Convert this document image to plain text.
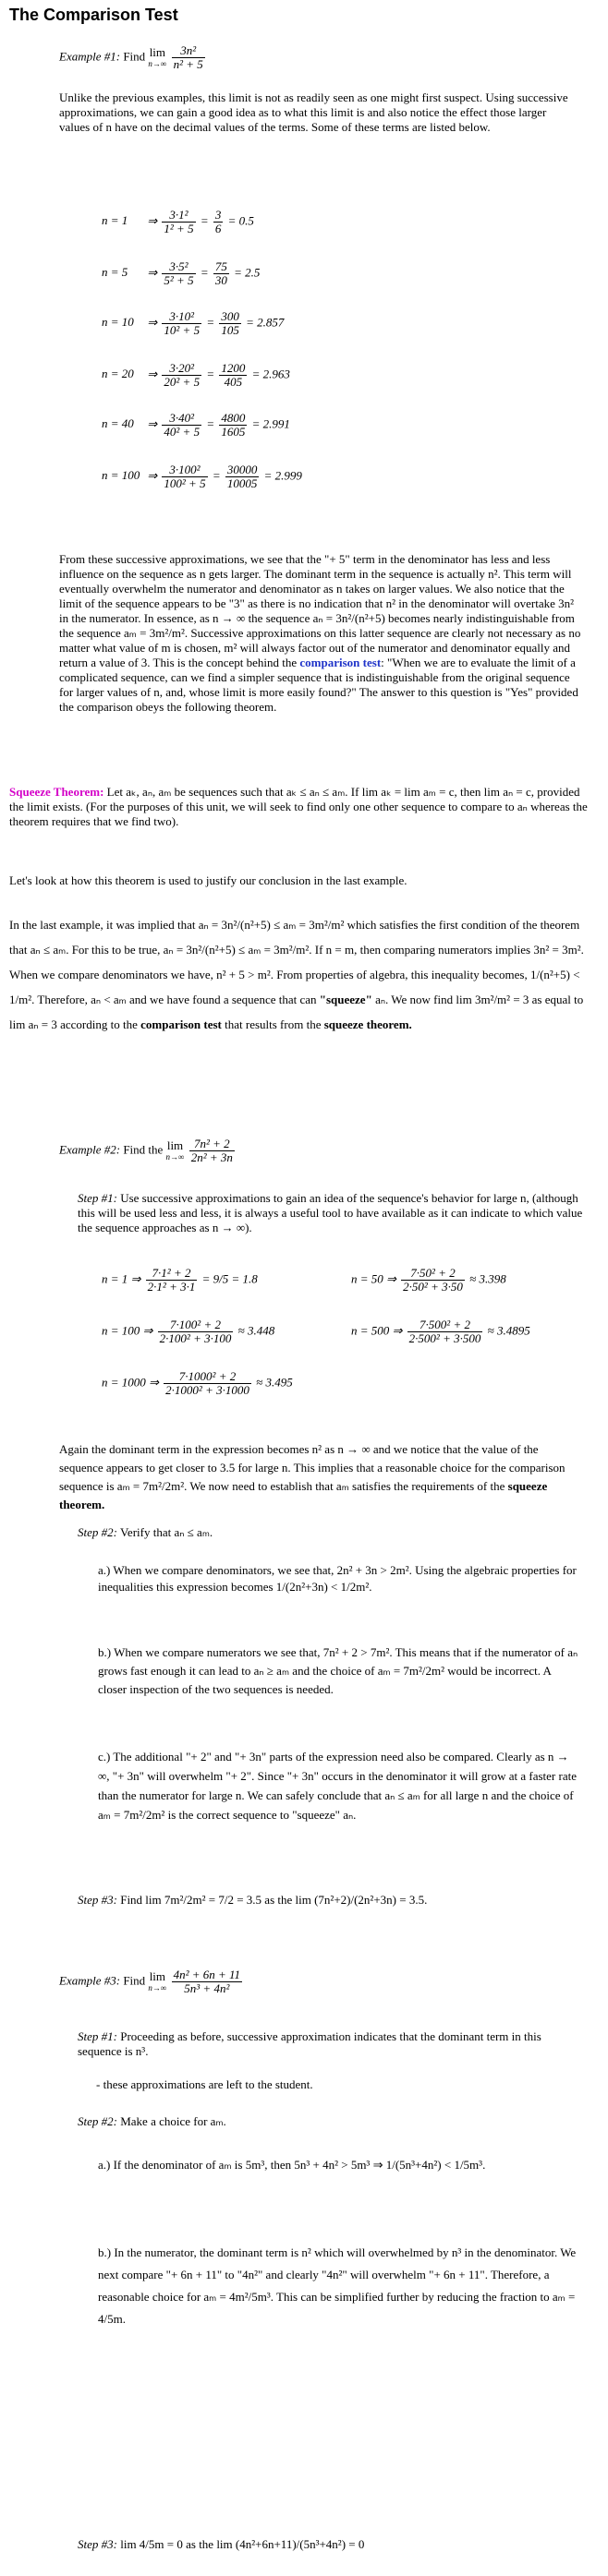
The Comparison Test
Example #1: Find lim
n→∞
$\frac{\text{3n²}}{\text{n² + 5}}$
Unlike the previous examples, this limit is not as readily seen as one might first suspect. Using successive approximations, we can gain a good idea as to what this limit is and also notice the effect those larger values of n have on the decimal values of the terms. Some of these terms are listed below.
n = 1 ⇒ $\frac{\text{3·1²}}{\text{1² + 5}} = \frac{3}{6} = 0.5$
n = 5 ⇒ $\frac{\text{3·5²}}{\text{5² + 5}} = \frac{75}{30} = 2.5$
n = 10 ⇒ $\frac{\text{3·10²}}{\text{10² + 5}} = \frac{300}{105} = 2.857$
n = 20 ⇒ $\frac{\text{3·20²}}{\text{20² + 5}} = \frac{1200}{405} = 2.963$
n = 40 ⇒ $\frac{\text{3·40²}}{\text{40² + 5}} = \frac{4800}{1605} = 2.991$
n = 100 ⇒ $\frac{\text{3·100²}}{\text{100² + 5}} = \frac{30000}{10005} = 2.999$
From these successive approximations, we see that the "+ 5" term in the denominator has less and less influence on the sequence as n gets larger. The dominant term in the sequence is actually n². This term will eventually overwhelm the numerator and denominator as n takes on larger values. We also notice that the limit of the sequence appears to be "3" as there is no indication that n² in the denominator will overtake 3n² in the numerator. In essence, as n → ∞ the sequence aₙ = 3n²/(n²+5) becomes nearly indistinguishable from the sequence aₘ = 3m²/m². Successive approximations on this latter sequence are clearly not necessary as no matter what value of m is chosen, m² will always factor out of the numerator and denominator equally and return a value of 3. This is the concept behind the comparison test: "When we are to evaluate the limit of a complicated sequence, can we find a simpler sequence that is indistinguishable from the original sequence for larger values of n, and, whose limit is more easily found?" The answer to this question is "Yes" provided the comparison obeys the following theorem.
Squeeze Theorem: Let aₖ, aₙ, aₘ be sequences such that aₖ ≤ aₙ ≤ aₘ. If lim aₖ = lim aₘ = c, then lim aₙ = c, provided the limit exists. (For the purposes of this unit, we will seek to find only one other sequence to compare to aₙ whereas the theorem requires that we find two).
Let's look at how this theorem is used to justify our conclusion in the last example.
In the last example, it was implied that aₙ = 3n²/(n²+5) ≤ aₘ = 3m²/m² which satisfies the first condition of the theorem that aₙ ≤ aₘ. For this to be true, aₙ = 3n²/(n²+5) ≤ aₘ = 3m²/m². If n = m, then comparing numerators implies 3n² = 3m². When we compare denominators we have, n² + 5 > m². From properties of algebra, this inequality becomes, 1/(n²+5) < 1/m². Therefore, aₙ < aₘ and we have found a sequence that can "squeeze" aₙ. We now find lim 3m²/m² = 3 as equal to lim aₙ = 3 according to the comparison test that results from the squeeze theorem.
Example #2: Find the lim
n→∞
$\frac{\text{7n² + 2}}{\text{2n² + 3n}}$
Step #1: Use successive approximations to gain an idea of the sequence's behavior for large n, (although this will be used less and less, it is always a useful tool to have available as it can indicate to which value the sequence approaches as n → ∞).
n = 1 ⇒ $\frac{\text{7·1² + 2}}{\text{2·1² + 3·1}} = 9/5 = 1.8$	n = 50 ⇒ $\frac{\text{7·50² + 2}}{\text{2·50² + 3·50}} \approx 3.398$
n = 100 ⇒ $\frac{\text{7·100² + 2}}{\text{2·100² + 3·100}} \approx 3.448$	n = 500 ⇒ $\frac{\text{7·500² + 2}}{\text{2·500² + 3·500}} \approx 3.4895$
n = 1000 ⇒ $\frac{\text{7·1000² + 2}}{\text{2·1000² + 3·1000}} \approx 3.495$
Again the dominant term in the expression becomes n² as n → ∞ and we notice that the value of the sequence appears to get closer to 3.5 for large n. This implies that a reasonable choice for the comparison sequence is aₘ = 7m²/2m². We now need to establish that aₘ satisfies the requirements of the squeeze theorem.
Step #2: Verify that aₙ ≤ aₘ.
a.) When we compare denominators, we see that, 2n² + 3n > 2m². Using the algebraic properties for inequalities this expression becomes 1/(2n²+3n) < 1/2m².
b.) When we compare numerators we see that, 7n² + 2 > 7m². This means that if the numerator of aₙ grows fast enough it can lead to aₙ ≥ aₘ and the choice of aₘ = 7m²/2m² would be incorrect. A closer inspection of the two sequences is needed.
c.) The additional "+ 2" and "+ 3n" parts of the expression need also be compared. Clearly as n → ∞, "+ 3n" will overwhelm "+ 2". Since "+ 3n" occurs in the denominator it will grow at a faster rate than the numerator for large n. We can safely conclude that aₙ ≤ aₘ for all large n and the choice of aₘ = 7m²/2m² is the correct sequence to "squeeze" aₙ.
Step #3: Find lim 7m²/2m² = 7/2 = 3.5 as the lim (7n²+2)/(2n²+3n) = 3.5.
Example #3: Find lim
n→∞
$\frac{\text{4n² + 6n + 11}}{\text{5n³ + 4n²}}$
Step #1: Proceeding as before, successive approximation indicates that the dominant term in this sequence is n³.
- these approximations are left to the student.
Step #2: Make a choice for aₘ.
a.) If the denominator of aₘ is 5m³, then 5n³ + 4n² > 5m³ ⇒ 1/(5n³+4n²) < 1/5m³.
b.) In the numerator, the dominant term is n² which will overwhelmed by n³ in the denominator. We next compare "+ 6n + 11" to "4n²" and clearly "4n²" will overwhelm "+ 6n + 11". Therefore, a reasonable choice for aₘ = 4m²/5m³. This can be simplified further by reducing the fraction to aₘ = 4/5m.
Step #3: lim 4/5m = 0 as the lim (4n²+6n+11)/(5n³+4n²) = 0
